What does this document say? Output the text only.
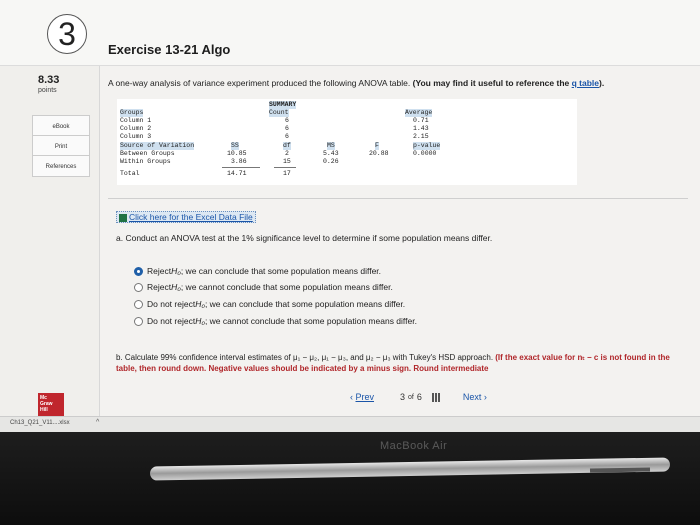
3	Exercise 13-21 Algo
8.33
points
eBook
Print
References
A one-way analysis of variance experiment produced the following ANOVA table. (You may find it useful to reference the q table).
SUMMARY
Groups	Count	Average
Column 1	6	0.71
Column 2	6	1.43
Column 3	6	2.15
Source of Variation	SS	df	MS	F	p-value
Between Groups	10.85	2	5.43	20.88	0.0000
Within Groups	3.86	15	0.26
Total	14.71	17
Click here for the Excel Data File
a. Conduct an ANOVA test at the 1% significance level to determine if some population means differ.
Reject H₀ ; we can conclude that some population means differ.
Reject H₀ ; we cannot conclude that some population means differ.
Do not reject H₀ ; we can conclude that some population means differ.
Do not reject H₀ ; we cannot conclude that some population means differ.
b. Calculate 99% confidence interval estimates of μ₁ − μ₂, μ₁ − μ₃, and μ₂ − μ₃ with Tukey's HSD approach. (If the exact value for nₜ − c is not found in the table, then round down. Negative values should be indicated by a minus sign. Round intermediate
Mc
Graw
Hill
‹ Prev	3 of 6	Next ›
Ch13_Q21_V11....xlsx	^
MacBook Air
